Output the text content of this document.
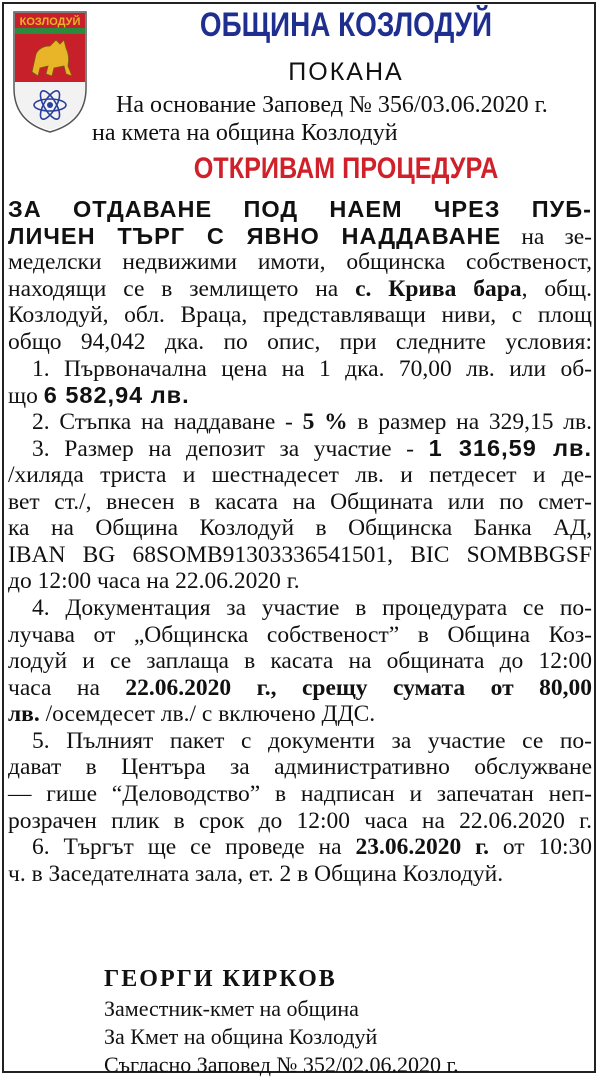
КОЗЛОДУЙ	ОБЩИНА КОЗЛОДУЙ
ПОКАНА
На основание Заповед № 356/03.06.2020 г.
на кмета на община Козлодуй
ОТКРИВАМ ПРОЦЕДУРА
ЗА ОТДАВАНЕ ПОД НАЕМ ЧРЕЗ ПУБ-
ЛИЧЕН ТЪРГ С ЯВНО НАДДАВАНЕ на зе-
меделски недвижими имоти, общинска собственост,
находящи се в землището на с. Крива бара, общ.
Козлодуй, обл. Враца, представляващи ниви, с площ
общо 94,042 дка. по опис, при следните условия:
1. Първоначална цена на 1 дка. 70,00 лв. или об-
що 6 582,94 лв.
2. Стъпка на наддаване - 5 % в размер на 329,15 лв.
3. Размер на депозит за участие - 1 316,59 лв.
/хиляда триста и шестнадесет лв. и петдесет и де-
вет ст./, внесен в касата на Общината или по смет-
ка на Община Козлодуй в Общинска Банка АД,
IBAN BG 68SOMB91303336541501, BIC SOMBBGSF
до 12:00 часа на 22.06.2020 г.
4. Документация за участие в процедурата се по-
лучава от „Общинска собственост” в Община Коз-
лодуй и се заплаща в касата на общината до 12:00
часа на 22.06.2020 г., срещу сумата от 80,00
лв. /осемдесет лв./ с включено ДДС.
5. Пълният пакет с документи за участие се по-
дават в Центъра за административно обслужване
— гише “Деловодство” в надписан и запечатан неп-
розрачен плик в срок до 12:00 часа на 22.06.2020 г.
6. Търгът ще се проведе на 23.06.2020 г. от 10:30
ч. в Заседателната зала, ет. 2 в Община Козлодуй.
ГЕОРГИ КИРКОВ
Заместник-кмет на община
За Кмет на община Козлодуй
Съгласно Заповед № 352/02.06.2020 г.
